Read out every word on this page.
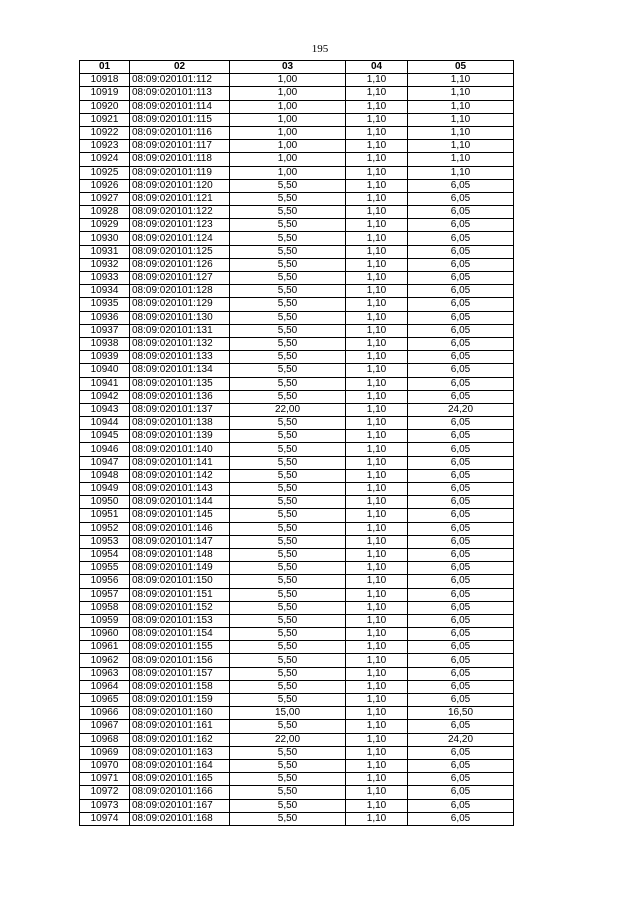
195
01	02	03	04	05
10918	08:09:020101:112	1,00	1,10	1,10
10919	08:09:020101:113	1,00	1,10	1,10
10920	08:09:020101:114	1,00	1,10	1,10
10921	08:09:020101:115	1,00	1,10	1,10
10922	08:09:020101:116	1,00	1,10	1,10
10923	08:09:020101:117	1,00	1,10	1,10
10924	08:09:020101:118	1,00	1,10	1,10
10925	08:09:020101:119	1,00	1,10	1,10
10926	08:09:020101:120	5,50	1,10	6,05
10927	08:09:020101:121	5,50	1,10	6,05
10928	08:09:020101:122	5,50	1,10	6,05
10929	08:09:020101:123	5,50	1,10	6,05
10930	08:09:020101:124	5,50	1,10	6,05
10931	08:09:020101:125	5,50	1,10	6,05
10932	08:09:020101:126	5,50	1,10	6,05
10933	08:09:020101:127	5,50	1,10	6,05
10934	08:09:020101:128	5,50	1,10	6,05
10935	08:09:020101:129	5,50	1,10	6,05
10936	08:09:020101:130	5,50	1,10	6,05
10937	08:09:020101:131	5,50	1,10	6,05
10938	08:09:020101:132	5,50	1,10	6,05
10939	08:09:020101:133	5,50	1,10	6,05
10940	08:09:020101:134	5,50	1,10	6,05
10941	08:09:020101:135	5,50	1,10	6,05
10942	08:09:020101:136	5,50	1,10	6,05
10943	08:09:020101:137	22,00	1,10	24,20
10944	08:09:020101:138	5,50	1,10	6,05
10945	08:09:020101:139	5,50	1,10	6,05
10946	08:09:020101:140	5,50	1,10	6,05
10947	08:09:020101:141	5,50	1,10	6,05
10948	08:09:020101:142	5,50	1,10	6,05
10949	08:09:020101:143	5,50	1,10	6,05
10950	08:09:020101:144	5,50	1,10	6,05
10951	08:09:020101:145	5,50	1,10	6,05
10952	08:09:020101:146	5,50	1,10	6,05
10953	08:09:020101:147	5,50	1,10	6,05
10954	08:09:020101:148	5,50	1,10	6,05
10955	08:09:020101:149	5,50	1,10	6,05
10956	08:09:020101:150	5,50	1,10	6,05
10957	08:09:020101:151	5,50	1,10	6,05
10958	08:09:020101:152	5,50	1,10	6,05
10959	08:09:020101:153	5,50	1,10	6,05
10960	08:09:020101:154	5,50	1,10	6,05
10961	08:09:020101:155	5,50	1,10	6,05
10962	08:09:020101:156	5,50	1,10	6,05
10963	08:09:020101:157	5,50	1,10	6,05
10964	08:09:020101:158	5,50	1,10	6,05
10965	08:09:020101:159	5,50	1,10	6,05
10966	08:09:020101:160	15,00	1,10	16,50
10967	08:09:020101:161	5,50	1,10	6,05
10968	08:09:020101:162	22,00	1,10	24,20
10969	08:09:020101:163	5,50	1,10	6,05
10970	08:09:020101:164	5,50	1,10	6,05
10971	08:09:020101:165	5,50	1,10	6,05
10972	08:09:020101:166	5,50	1,10	6,05
10973	08:09:020101:167	5,50	1,10	6,05
10974	08:09:020101:168	5,50	1,10	6,05
